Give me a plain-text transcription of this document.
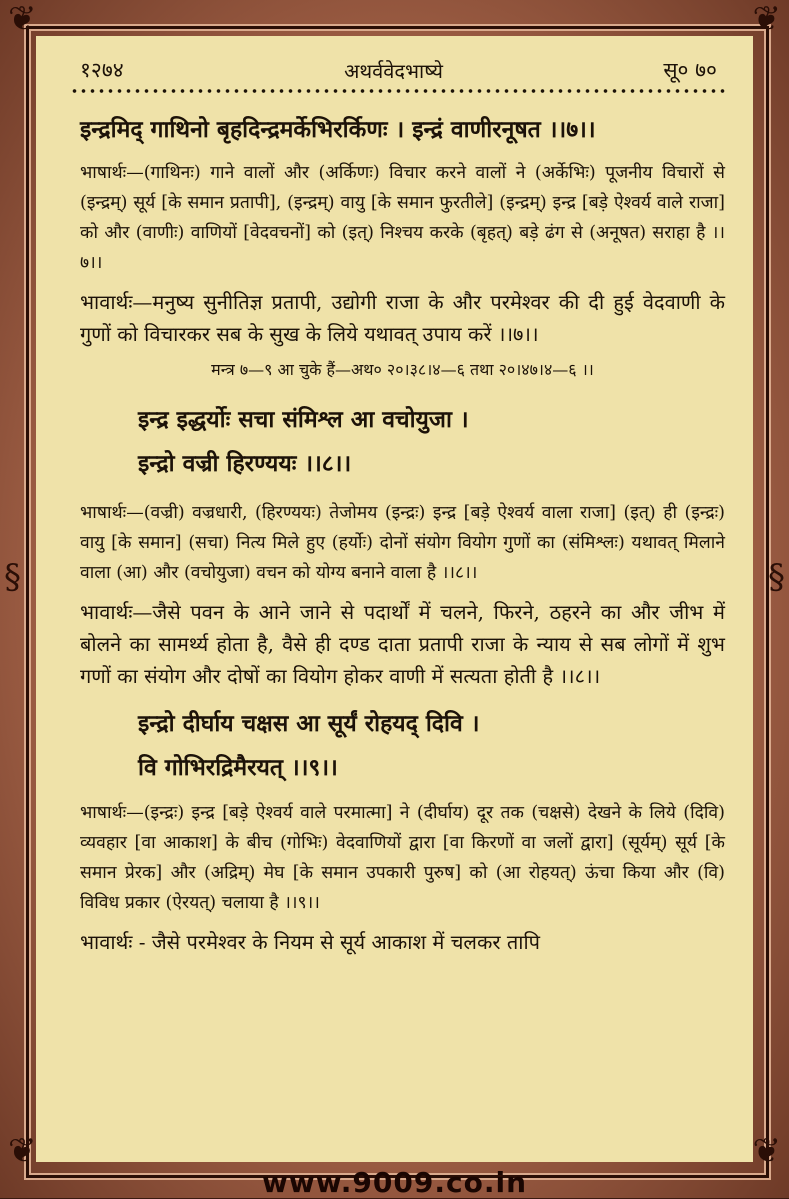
❦	❦
❦	❦
§	§
१२७४	अथर्ववेदभाष्ये	सू० ७०
इन्द्रमिद् गाथिनो बृहदिन्द्रमर्केभिरर्किणः । इन्द्रं वाणीरनूषत ।।७।।

भाषार्थः—(गाथिनः) गाने वालों और (अर्किणः) विचार करने वालों ने (अर्केभिः) पूजनीय विचारों से (इन्द्रम्) सूर्य [के समान प्रतापी], (इन्द्रम्) वायु [के समान फुरतीले] (इन्द्रम्) इन्द्र [बड़े ऐश्वर्य वाले राजा] को और (वाणीः) वाणियों [वेदवचनों] को (इत्) निश्चय करके (बृहत्) बड़े ढंग से (अनूषत) सराहा है ।।७।।

भावार्थः—मनुष्य सुनीतिज्ञ प्रतापी, उद्योगी राजा के और परमेश्वर की दी हुई वेदवाणी के गुणों को विचारकर सब के सुख के लिये यथावत् उपाय करें ।।७।।

मन्त्र ७—९ आ चुके हैं—अथ० २०।३८।४—६ तथा २०।४७।४—६ ।।
इन्द्र इद्धर्योः सचा संमिश्ल आ वचोयुजा ।
इन्द्रो वज्री हिरण्ययः ।।८।।

भाषार्थः—(वज्री) वज्रधारी, (हिरण्ययः) तेजोमय (इन्द्रः) इन्द्र [बड़े ऐश्वर्य वाला राजा] (इत्) ही (इन्द्रः) वायु [के समान] (सचा) नित्य मिले हुए (हर्योः) दोनों संयोग वियोग गुणों का (संमिश्लः) यथावत् मिलाने वाला (आ) और (वचोयुजा) वचन को योग्य बनाने वाला है ।।८।।

भावार्थः—जैसे पवन के आने जाने से पदार्थों में चलने, फिरने, ठहरने का और जीभ में बोलने का सामर्थ्य होता है, वैसे ही दण्ड दाता प्रतापी राजा के न्याय से सब लोगों में शुभ गणों का संयोग और दोषों का वियोग होकर वाणी में सत्यता होती है ।।८।।

इन्द्रो दीर्घाय चक्षस आ सूर्यं रोहयद् दिवि ।
वि गोभिरद्रिमैरयत् ।।९।।

भाषार्थः—(इन्द्रः) इन्द्र [बड़े ऐश्वर्य वाले परमात्मा] ने (दीर्घाय) दूर तक (चक्षसे) देखने के लिये (दिवि) व्यवहार [वा आकाश] के बीच (गोभिः) वेदवाणियों द्वारा [वा किरणों वा जलों द्वारा] (सूर्यम्) सूर्य [के समान प्रेरक] और (अद्रिम्) मेघ [के समान उपकारी पुरुष] को (आ रोहयत्) ऊंचा किया और (वि) विविध प्रकार (ऐरयत्) चलाया है ।।९।।

भावार्थः - जैसे परमेश्वर के नियम से सूर्य आकाश में चलकर तापि

www.9009.co.in
